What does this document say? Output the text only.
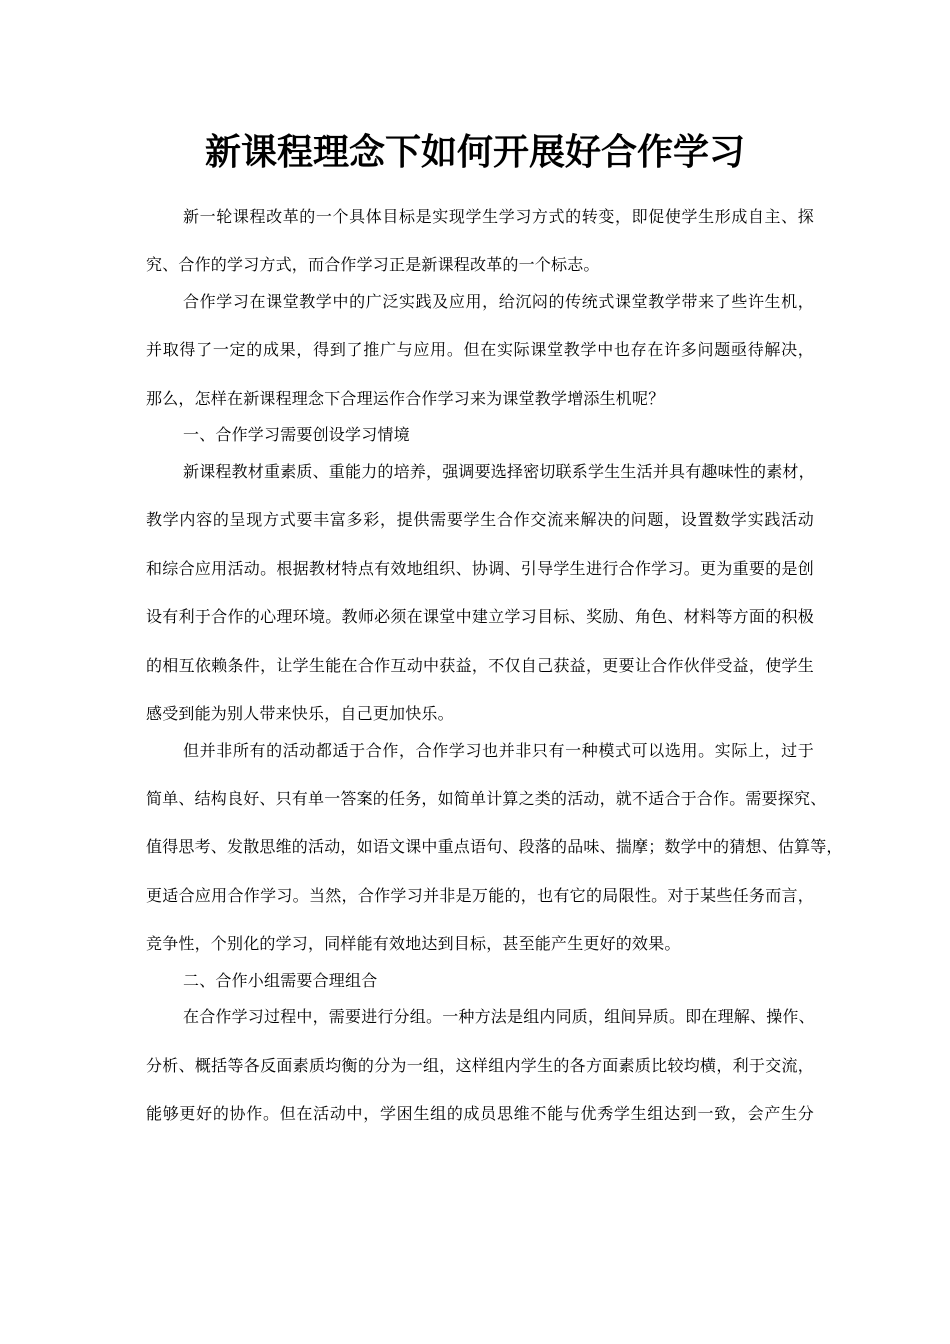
新课程理念下如何开展好合作学习
新一轮课程改革的一个具体目标是实现学生学习方式的转变，即促使学生形成自主、探
究、合作的学习方式，而合作学习正是新课程改革的一个标志。
合作学习在课堂教学中的广泛实践及应用，给沉闷的传统式课堂教学带来了些许生机，
并取得了一定的成果，得到了推广与应用。但在实际课堂教学中也存在许多问题亟待解决，
那么，怎样在新课程理念下合理运作合作学习来为课堂教学增添生机呢？
一、合作学习需要创设学习情境
新课程教材重素质、重能力的培养，强调要选择密切联系学生生活并具有趣味性的素材，
教学内容的呈现方式要丰富多彩，提供需要学生合作交流来解决的问题，设置数学实践活动
和综合应用活动。根据教材特点有效地组织、协调、引导学生进行合作学习。更为重要的是创
设有利于合作的心理环境。教师必须在课堂中建立学习目标、奖励、角色、材料等方面的积极
的相互依赖条件，让学生能在合作互动中获益，不仅自己获益，更要让合作伙伴受益，使学生
感受到能为别人带来快乐，自己更加快乐。
但并非所有的活动都适于合作，合作学习也并非只有一种模式可以选用。实际上，过于
简单、结构良好、只有单一答案的任务，如简单计算之类的活动，就不适合于合作。需要探究、
值得思考、发散思维的活动，如语文课中重点语句、段落的品味、揣摩；数学中的猜想、估算等，
更适合应用合作学习。当然，合作学习并非是万能的，也有它的局限性。对于某些任务而言，
竞争性，个别化的学习，同样能有效地达到目标，甚至能产生更好的效果。
二、合作小组需要合理组合
在合作学习过程中，需要进行分组。一种方法是组内同质，组间异质。即在理解、操作、
分析、概括等各反面素质均衡的分为一组，这样组内学生的各方面素质比较均横，利于交流，
能够更好的协作。但在活动中，学困生组的成员思维不能与优秀学生组达到一致，会产生分
